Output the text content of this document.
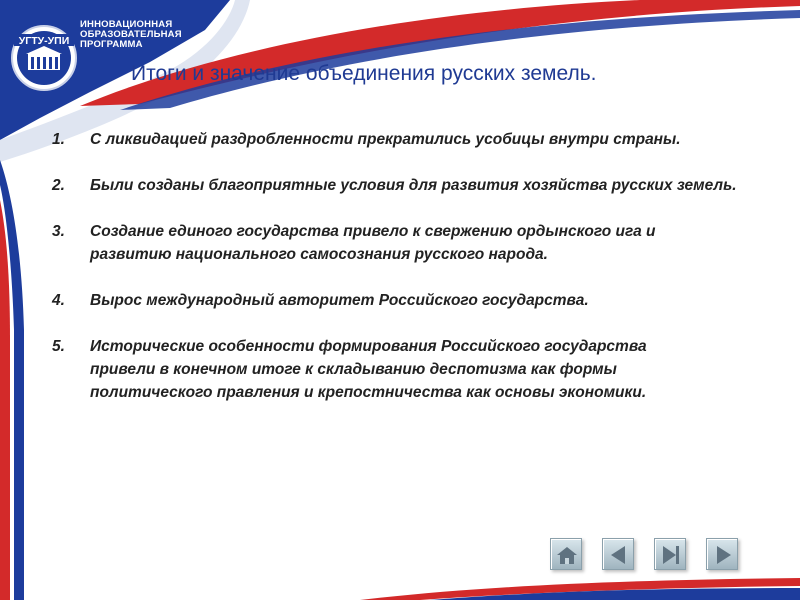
УГТУ-УПИ
ИННОВАЦИОННАЯ
ОБРАЗОВАТЕЛЬНАЯ
ПРОГРАММА
Итоги и значение объединения русских земель.
1.	С ликвидацией раздробленности прекратились усобицы внутри страны.
2.	Были созданы благоприятные условия для развития хозяйства русских земель.
3.	Создание единого государства привело к свержению ордынского ига и развитию национального самосознания русского народа.
4.	Вырос международный авторитет Российского государства.
5.	Исторические особенности формирования Российского государства привели в конечном итоге к складыванию деспотизма как формы политического правления и крепостничества как основы экономики.
